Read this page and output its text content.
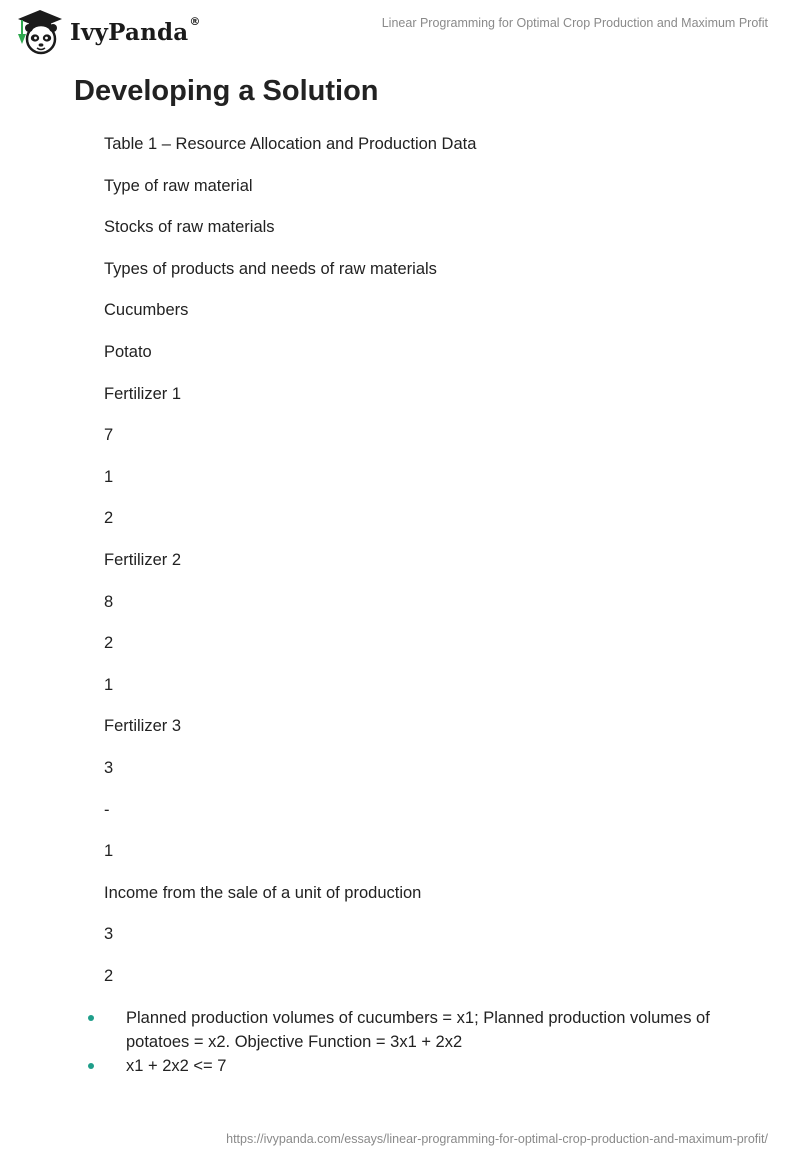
IvyPanda®	Linear Programming for Optimal Crop Production and Maximum Profit
Developing a Solution
Table 1 – Resource Allocation and Production Data
Type of raw material
Stocks of raw materials
Types of products and needs of raw materials
Cucumbers
Potato
Fertilizer 1
7
1
2
Fertilizer 2
8
2
1
Fertilizer 3
3
-
1
Income from the sale of a unit of production
3
2
Planned production volumes of cucumbers = x1; Planned production volumes of potatoes = x2. Objective Function = 3x1 + 2x2
x1 + 2x2 <= 7
https://ivypanda.com/essays/linear-programming-for-optimal-crop-production-and-maximum-profit/
